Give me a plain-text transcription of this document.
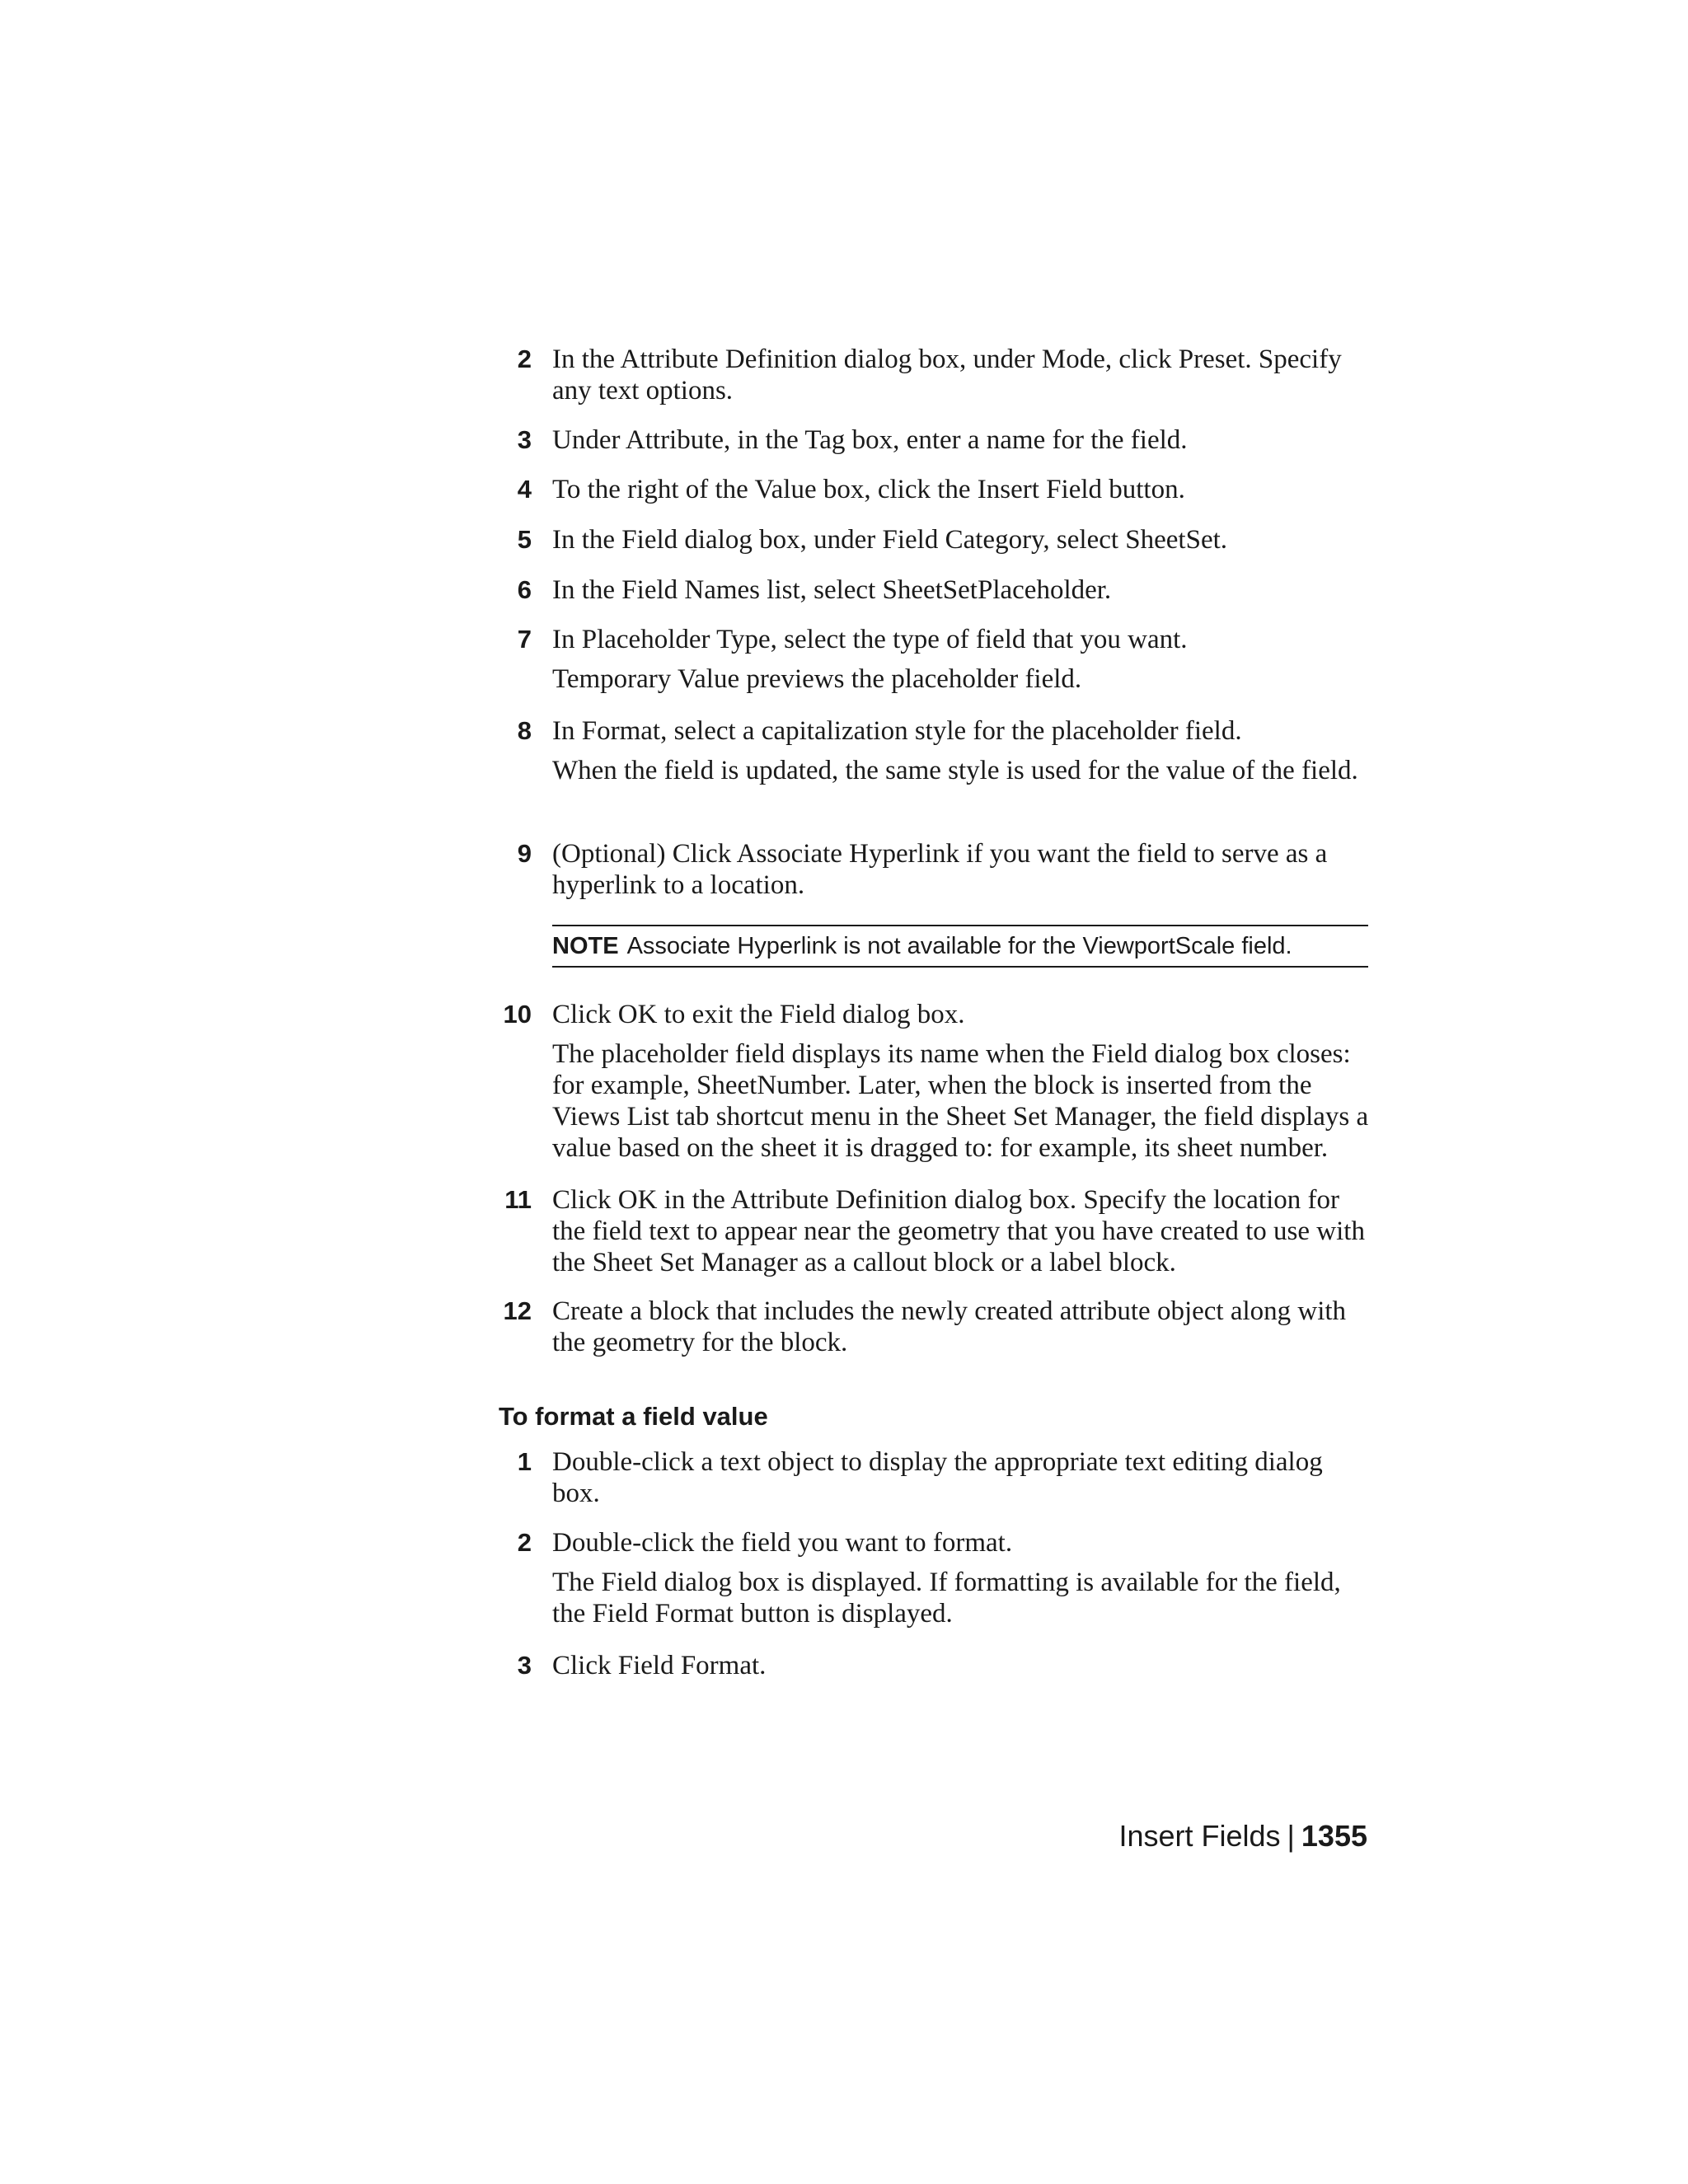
2 In the Attribute Definition dialog box, under Mode, click Preset. Specify any text options.
3 Under Attribute, in the Tag box, enter a name for the field.
4 To the right of the Value box, click the Insert Field button.
5 In the Field dialog box, under Field Category, select SheetSet.
6 In the Field Names list, select SheetSetPlaceholder.
7 In Placeholder Type, select the type of field that you want.
Temporary Value previews the placeholder field.
8 In Format, select a capitalization style for the placeholder field.
When the field is updated, the same style is used for the value of the field.
9 (Optional) Click Associate Hyperlink if you want the field to serve as a hyperlink to a location.
NOTE Associate Hyperlink is not available for the ViewportScale field.
10 Click OK to exit the Field dialog box.
The placeholder field displays its name when the Field dialog box closes: for example, SheetNumber. Later, when the block is inserted from the Views List tab shortcut menu in the Sheet Set Manager, the field displays a value based on the sheet it is dragged to: for example, its sheet number.
11 Click OK in the Attribute Definition dialog box. Specify the location for the field text to appear near the geometry that you have created to use with the Sheet Set Manager as a callout block or a label block.
12 Create a block that includes the newly created attribute object along with the geometry for the block.
To format a field value
1 Double-click a text object to display the appropriate text editing dialog box.
2 Double-click the field you want to format.
The Field dialog box is displayed. If formatting is available for the field, the Field Format button is displayed.
3 Click Field Format.
Insert Fields | 1355
